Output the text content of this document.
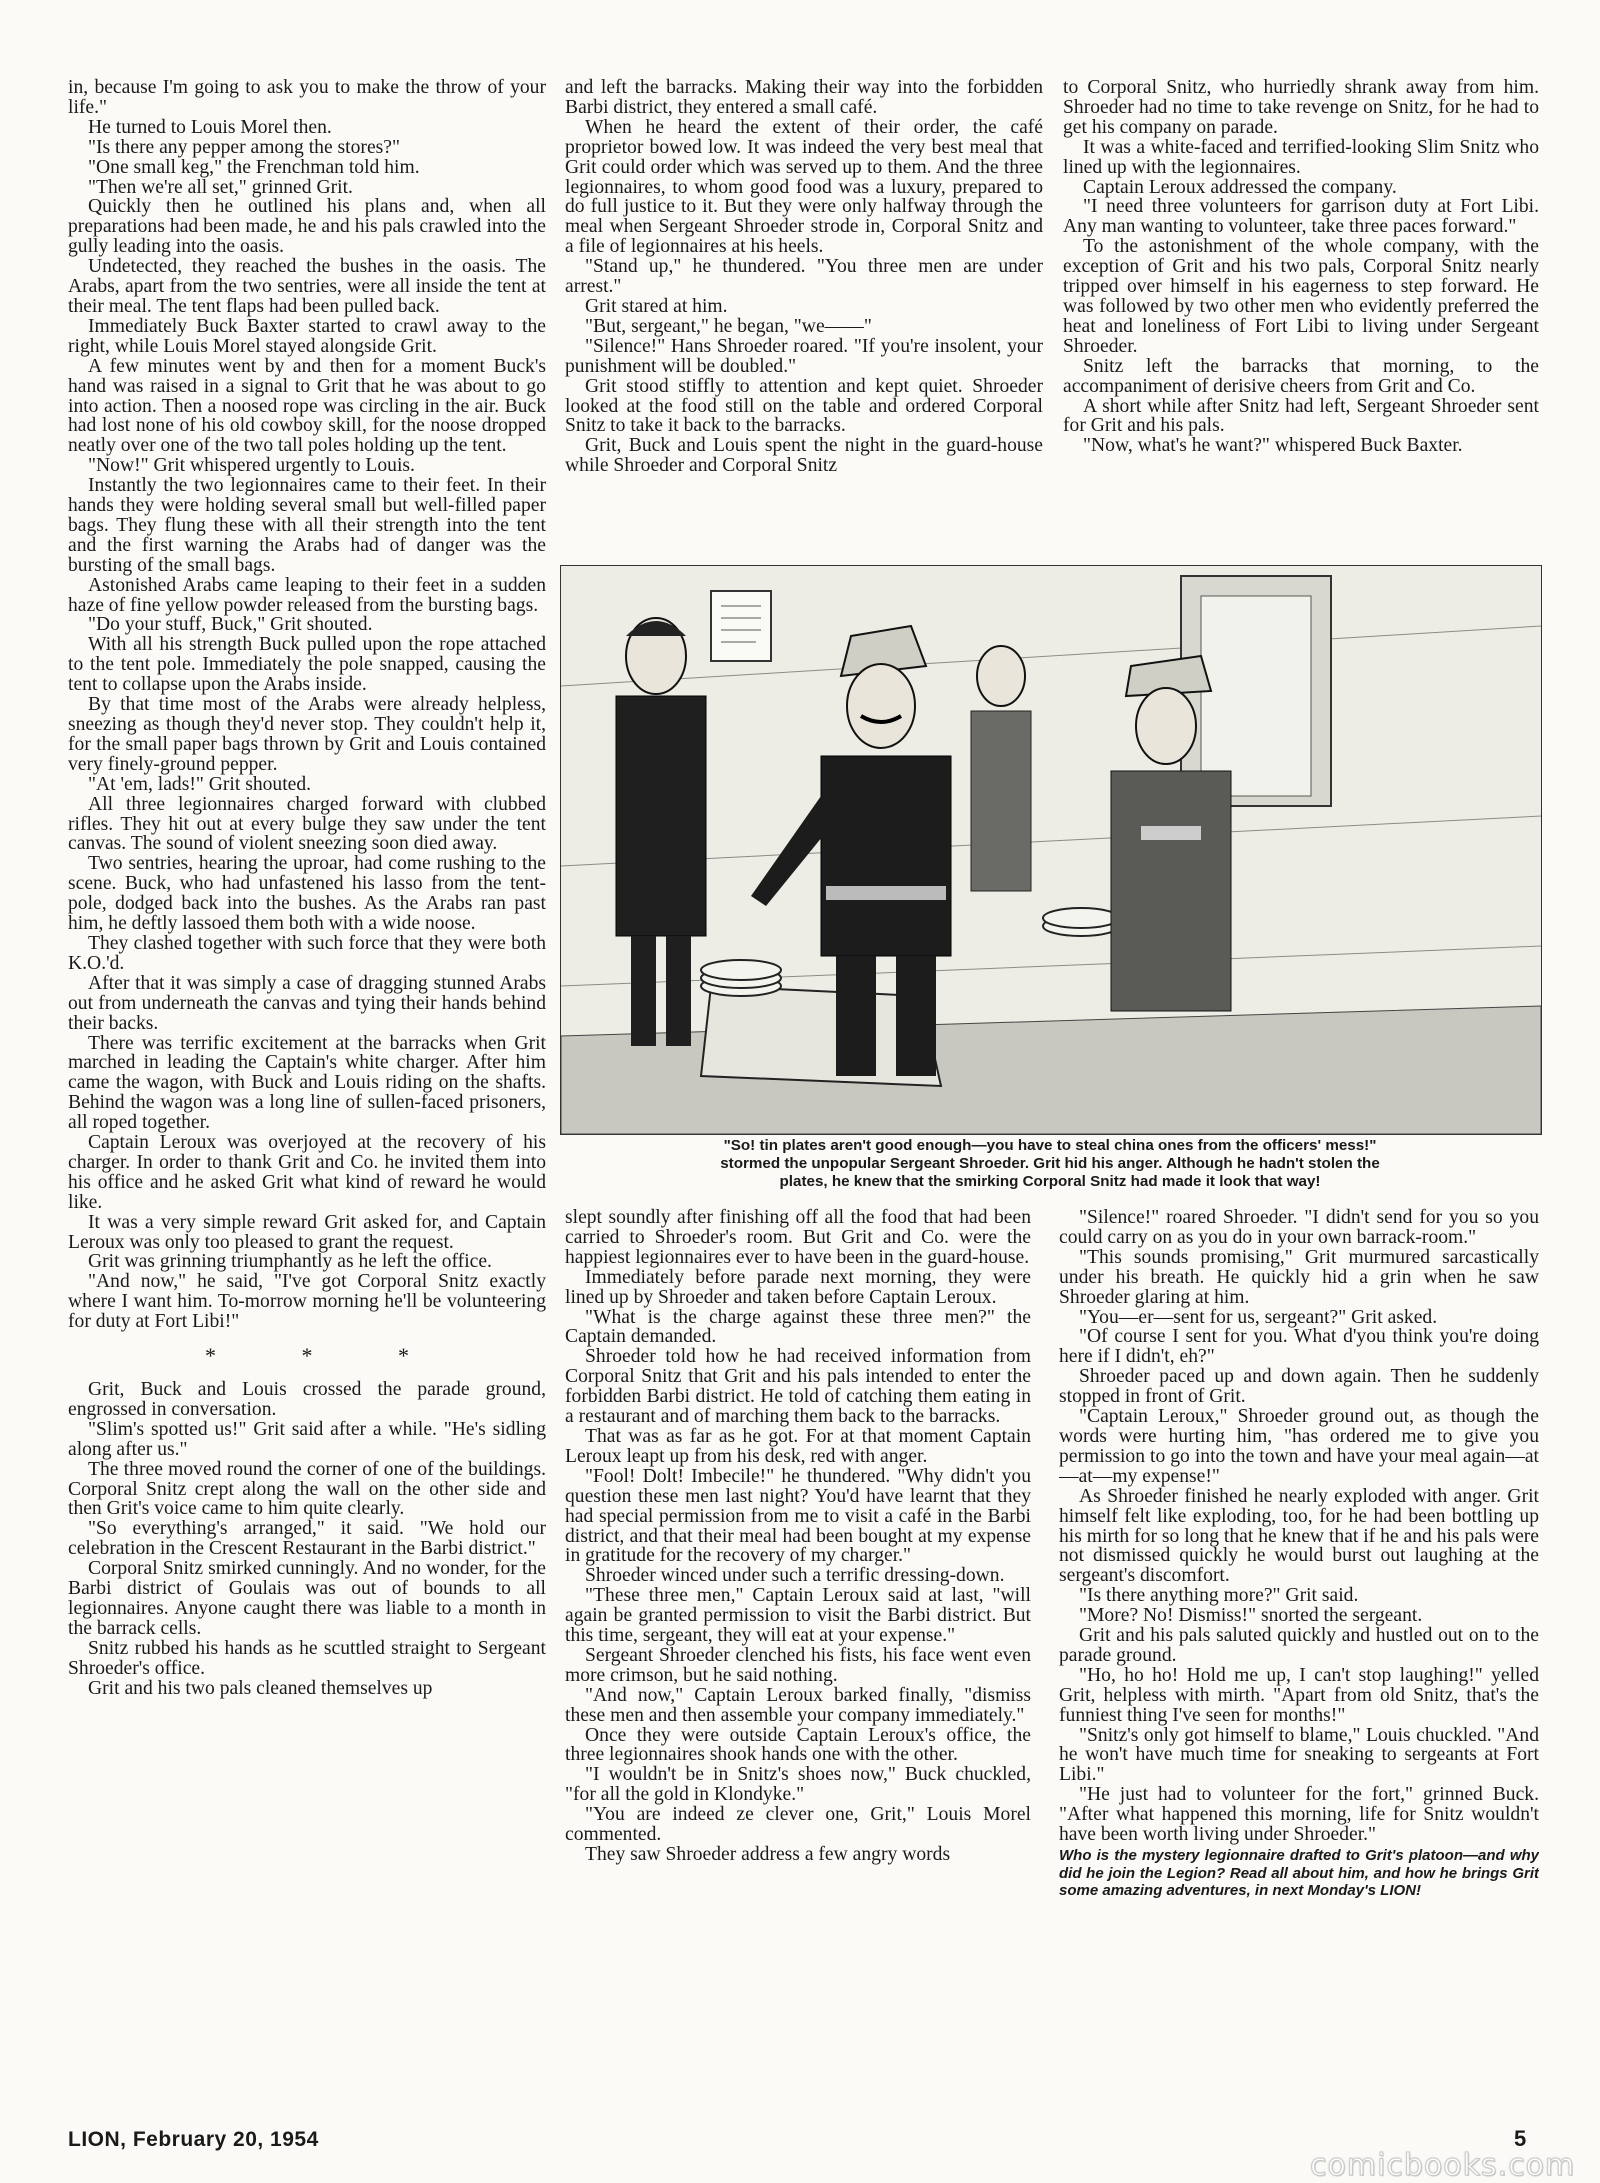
in, because I'm going to ask you to make the throw of your life."

He turned to Louis Morel then.

"Is there any pepper among the stores?"

"One small keg," the Frenchman told him.

"Then we're all set," grinned Grit.

Quickly then he outlined his plans and, when all preparations had been made, he and his pals crawled into the gully leading into the oasis.

Undetected, they reached the bushes in the oasis. The Arabs, apart from the two sentries, were all inside the tent at their meal. The tent flaps had been pulled back.

Immediately Buck Baxter started to crawl away to the right, while Louis Morel stayed alongside Grit.

A few minutes went by and then for a moment Buck's hand was raised in a signal to Grit that he was about to go into action. Then a noosed rope was circling in the air. Buck had lost none of his old cowboy skill, for the noose dropped neatly over one of the two tall poles holding up the tent.

"Now!" Grit whispered urgently to Louis.

Instantly the two legionnaires came to their feet. In their hands they were holding several small but well-filled paper bags. They flung these with all their strength into the tent and the first warning the Arabs had of danger was the bursting of the small bags.

Astonished Arabs came leaping to their feet in a sudden haze of fine yellow powder released from the bursting bags.

"Do your stuff, Buck," Grit shouted.

With all his strength Buck pulled upon the rope attached to the tent pole. Immediately the pole snapped, causing the tent to collapse upon the Arabs inside.

By that time most of the Arabs were already helpless, sneezing as though they'd never stop. They couldn't help it, for the small paper bags thrown by Grit and Louis contained very finely-ground pepper.

"At 'em, lads!" Grit shouted.

All three legionnaires charged forward with clubbed rifles. They hit out at every bulge they saw under the tent canvas. The sound of violent sneezing soon died away.

Two sentries, hearing the uproar, had come rushing to the scene. Buck, who had unfastened his lasso from the tent-pole, dodged back into the bushes. As the Arabs ran past him, he deftly lassoed them both with a wide noose.

They clashed together with such force that they were both K.O.'d.

After that it was simply a case of dragging stunned Arabs out from underneath the canvas and tying their hands behind their backs.

There was terrific excitement at the barracks when Grit marched in leading the Captain's white charger. After him came the wagon, with Buck and Louis riding on the shafts. Behind the wagon was a long line of sullen-faced prisoners, all roped together.

Captain Leroux was overjoyed at the recovery of his charger. In order to thank Grit and Co. he invited them into his office and he asked Grit what kind of reward he would like.

It was a very simple reward Grit asked for, and Captain Leroux was only too pleased to grant the request.

Grit was grinning triumphantly as he left the office.

"And now," he said, "I've got Corporal Snitz exactly where I want him. To-morrow morning he'll be volunteering for duty at Fort Libi!"

* * *

Grit, Buck and Louis crossed the parade ground, engrossed in conversation.

"Slim's spotted us!" Grit said after a while. "He's sidling along after us."

The three moved round the corner of one of the buildings. Corporal Snitz crept along the wall on the other side and then Grit's voice came to him quite clearly.

"So everything's arranged," it said. "We hold our celebration in the Crescent Restaurant in the Barbi district."

Corporal Snitz smirked cunningly. And no wonder, for the Barbi district of Goulais was out of bounds to all legionnaires. Anyone caught there was liable to a month in the barrack cells.

Snitz rubbed his hands as he scuttled straight to Sergeant Shroeder's office.

Grit and his two pals cleaned themselves up

and left the barracks. Making their way into the forbidden Barbi district, they entered a small café.

When he heard the extent of their order, the café proprietor bowed low. It was indeed the very best meal that Grit could order which was served up to them. And the three legionnaires, to whom good food was a luxury, prepared to do full justice to it. But they were only halfway through the meal when Sergeant Shroeder strode in, Corporal Snitz and a file of legionnaires at his heels.

"Stand up," he thundered. "You three men are under arrest."

Grit stared at him.

"But, sergeant," he began, "we——"

"Silence!" Hans Shroeder roared. "If you're insolent, your punishment will be doubled."

Grit stood stiffly to attention and kept quiet. Shroeder looked at the food still on the table and ordered Corporal Snitz to take it back to the barracks.

Grit, Buck and Louis spent the night in the guard-house while Shroeder and Corporal Snitz

to Corporal Snitz, who hurriedly shrank away from him. Shroeder had no time to take revenge on Snitz, for he had to get his company on parade.

It was a white-faced and terrified-looking Slim Snitz who lined up with the legionnaires.

Captain Leroux addressed the company.

"I need three volunteers for garrison duty at Fort Libi. Any man wanting to volunteer, take three paces forward."

To the astonishment of the whole company, with the exception of Grit and his two pals, Corporal Snitz nearly tripped over himself in his eagerness to step forward. He was followed by two other men who evidently preferred the heat and loneliness of Fort Libi to living under Sergeant Shroeder.

Snitz left the barracks that morning, to the accompaniment of derisive cheers from Grit and Co.

A short while after Snitz had left, Sergeant Shroeder sent for Grit and his pals.

"Now, what's he want?" whispered Buck Baxter.

"So! tin plates aren't good enough—you have to steal china ones from the officers' mess!"
stormed the unpopular Sergeant Shroeder. Grit hid his anger. Although he hadn't stolen the
plates, he knew that the smirking Corporal Snitz had made it look that way!

slept soundly after finishing off all the food that had been carried to Shroeder's room. But Grit and Co. were the happiest legionnaires ever to have been in the guard-house.

Immediately before parade next morning, they were lined up by Shroeder and taken before Captain Leroux.

"What is the charge against these three men?" the Captain demanded.

Shroeder told how he had received information from Corporal Snitz that Grit and his pals intended to enter the forbidden Barbi district. He told of catching them eating in a restaurant and of marching them back to the barracks.

That was as far as he got. For at that moment Captain Leroux leapt up from his desk, red with anger.

"Fool! Dolt! Imbecile!" he thundered. "Why didn't you question these men last night? You'd have learnt that they had special permission from me to visit a café in the Barbi district, and that their meal had been bought at my expense in gratitude for the recovery of my charger."

Shroeder winced under such a terrific dressing-down.

"These three men," Captain Leroux said at last, "will again be granted permission to visit the Barbi district. But this time, sergeant, they will eat at your expense."

Sergeant Shroeder clenched his fists, his face went even more crimson, but he said nothing.

"And now," Captain Leroux barked finally, "dismiss these men and then assemble your company immediately."

Once they were outside Captain Leroux's office, the three legionnaires shook hands one with the other.

"I wouldn't be in Snitz's shoes now," Buck chuckled, "for all the gold in Klondyke."

"You are indeed ze clever one, Grit," Louis Morel commented.

They saw Shroeder address a few angry words

"Silence!" roared Shroeder. "I didn't send for you so you could carry on as you do in your own barrack-room."

"This sounds promising," Grit murmured sarcastically under his breath. He quickly hid a grin when he saw Shroeder glaring at him.

"You—er—sent for us, sergeant?" Grit asked.

"Of course I sent for you. What d'you think you're doing here if I didn't, eh?"

Shroeder paced up and down again. Then he suddenly stopped in front of Grit.

"Captain Leroux," Shroeder ground out, as though the words were hurting him, "has ordered me to give you permission to go into the town and have your meal again—at—at—my expense!"

As Shroeder finished he nearly exploded with anger. Grit himself felt like exploding, too, for he had been bottling up his mirth for so long that he knew that if he and his pals were not dismissed quickly he would burst out laughing at the sergeant's discomfort.

"Is there anything more?" Grit said.

"More? No! Dismiss!" snorted the sergeant.

Grit and his pals saluted quickly and hustled out on to the parade ground.

"Ho, ho ho! Hold me up, I can't stop laughing!" yelled Grit, helpless with mirth. "Apart from old Snitz, that's the funniest thing I've seen for months!"

"Snitz's only got himself to blame," Louis chuckled. "And he won't have much time for sneaking to sergeants at Fort Libi."

"He just had to volunteer for the fort," grinned Buck. "After what happened this morning, life for Snitz wouldn't have been worth living under Shroeder."

Who is the mystery legionnaire drafted to Grit's platoon—and why did he join the Legion? Read all about him, and how he brings Grit some amazing adventures, in next Monday's LION!

LION, February 20, 1954	5
comicbooks.com
